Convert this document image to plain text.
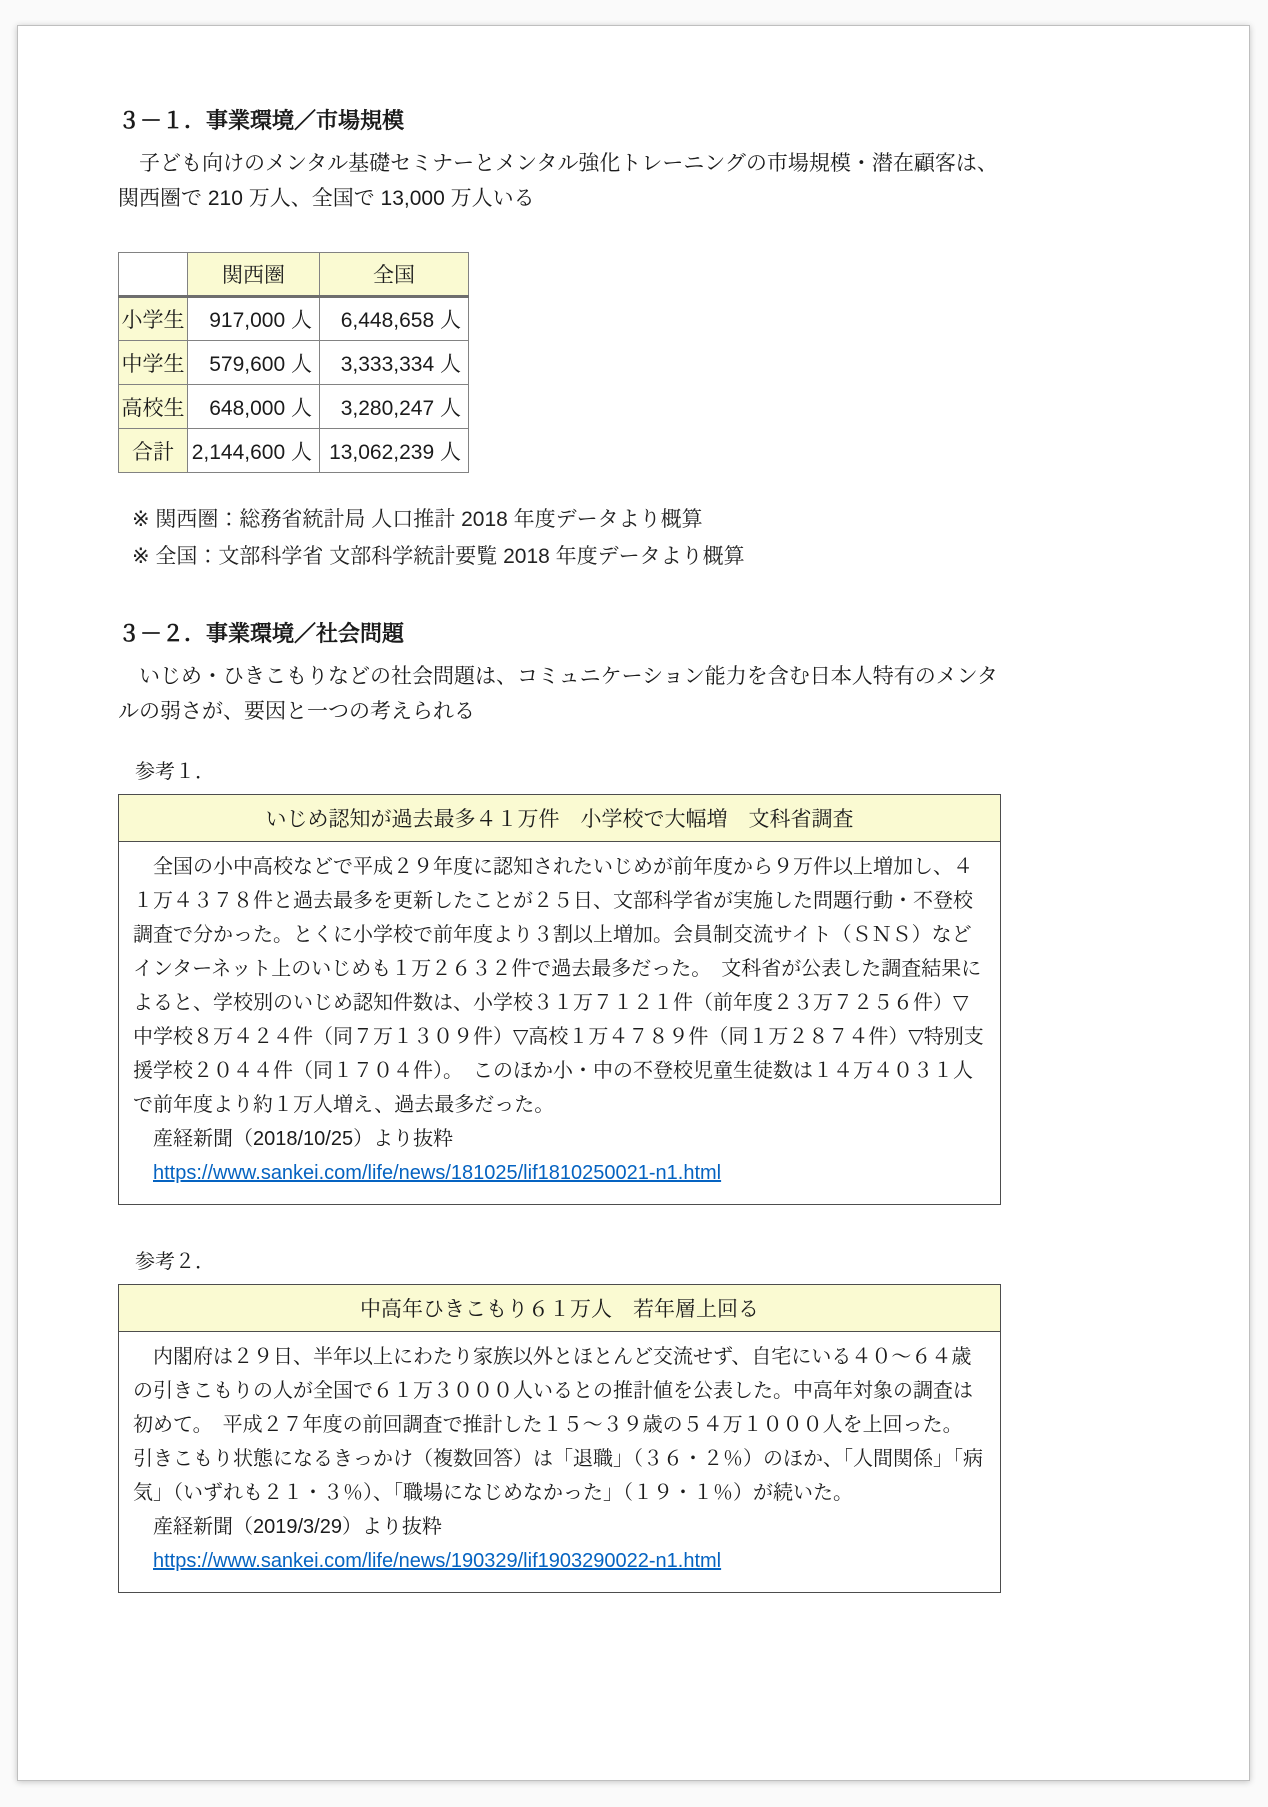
３－１．事業環境／市場規模

子ども向けのメンタル基礎セミナーとメンタル強化トレーニングの市場規模・潜在顧客は、関西圏で 210 万人、全国で 13,000 万人いる

	関西圏	全国
小学生	917,000 人	6,448,658 人
中学生	579,600 人	3,333,334 人
高校生	648,000 人	3,280,247 人
合計	2,144,600 人	13,062,239 人

※ 関西圏：総務省統計局 人口推計 2018 年度データより概算

※ 全国：文部科学省 文部科学統計要覧 2018 年度データより概算

３－２．事業環境／社会問題

いじめ・ひきこもりなどの社会問題は、コミュニケーション能力を含む日本人特有のメンタルの弱さが、要因と一つの考えられる

参考１．

いじめ認知が過去最多４１万件　小学校で大幅増　文科省調査

全国の小中高校などで平成２９年度に認知されたいじめが前年度から９万件以上増加し、４１万４３７８件と過去最多を更新したことが２５日、文部科学省が実施した問題行動・不登校調査で分かった。とくに小学校で前年度より３割以上増加。会員制交流サイト（ＳＮＳ）などインターネット上のいじめも１万２６３２件で過去最多だった。　文科省が公表した調査結果によると、学校別のいじめ認知件数は、小学校３１万７１２１件（前年度２３万７２５６件）▽中学校８万４２４件（同７万１３０９件）▽高校１万４７８９件（同１万２８７４件）▽特別支援学校２０４４件（同１７０４件）。　このほか小・中の不登校児童生徒数は１４万４０３１人で前年度より約１万人増え、過去最多だった。

産経新聞（2018/10/25）より抜粋

https://www.sankei.com/life/news/181025/lif1810250021-n1.html

参考２．

中高年ひきこもり６１万人　若年層上回る

内閣府は２９日、半年以上にわたり家族以外とほとんど交流せず、自宅にいる４０～６４歳の引きこもりの人が全国で６１万３０００人いるとの推計値を公表した。中高年対象の調査は初めて。　平成２７年度の前回調査で推計した１５～３９歳の５４万１０００人を上回った。　引きこもり状態になるきっかけ（複数回答）は「退職」（３６・２％）のほか、「人間関係」「病気」（いずれも２１・３％）、「職場になじめなかった」（１９・１％）が続いた。

産経新聞（2019/3/29）より抜粋

https://www.sankei.com/life/news/190329/lif1903290022-n1.html
